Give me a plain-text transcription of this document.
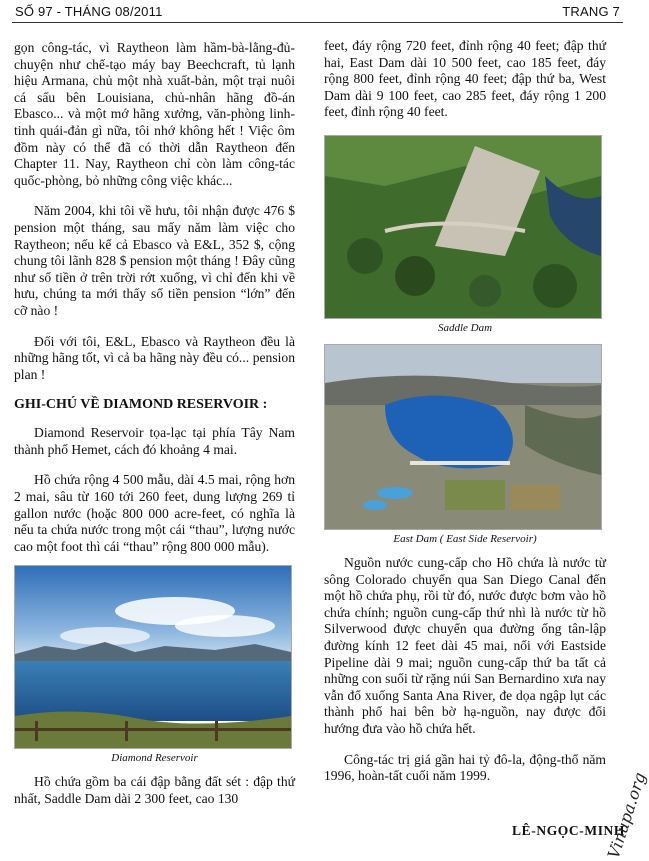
SỐ 97 - THÁNG 08/2011	TRANG 7

gọn công-tác, vì Raytheon làm hầm-bà-lằng-đủ-chuyện như chế-tạo máy bay Beechcraft, tủ lạnh hiệu Armana, chủ một nhà xuất-bản, một trại nuôi cá sấu bên Louisiana, chủ-nhân hãng đồ-án Ebasco... và một mớ hãng xưởng, văn-phòng linh-tinh quái-đản gì nữa, tôi nhớ không hết ! Việc ôm đồm này có thể đã có thời dẫn Raytheon đến Chapter 11. Nay, Raytheon chỉ còn làm công-tác quốc-phòng, bỏ những công việc khác...

Năm 2004, khi tôi về hưu, tôi nhận được 476 $ pension một tháng, sau mấy năm làm việc cho Raytheon; nếu kể cả Ebasco và E&L, 352 $, cộng chung tôi lãnh 828 $ pension một tháng ! Đây cũng như số tiền ở trên trời rớt xuống, vì chỉ đến khi về hưu, chúng ta mới thấy số tiền pension “lớn” đến cỡ nào !

Đối với tôi, E&L, Ebasco và Raytheon đều là những hãng tốt, vì cả ba hãng này đều có... pension plan !

GHI-CHÚ VỀ DIAMOND RESERVOIR :

Diamond Reservoir tọa-lạc tại phía Tây Nam thành phố Hemet, cách đó khoảng 4 mai.

Hồ chứa rộng 4 500 mẫu, dài 4.5 mai, rộng hơn 2 mai, sâu từ 160 tới 260 feet, dung lượng 269 tỉ gallon nước (hoặc 800 000 acre-feet, có nghĩa là nếu ta chứa nước trong một cái “thau”, lượng nước cao một foot thì cái “thau” rộng 800 000 mẫu).

Diamond Reservoir

Hồ chứa gồm ba cái đập bằng đất sét : đập thứ nhất, Saddle Dam dài 2 300 feet, cao 130

feet, đáy rộng 720 feet, đỉnh rộng 40 feet; đập thứ hai, East Dam dài 10 500 feet, cao 185 feet, đáy rộng 800 feet, đỉnh rộng 40 feet; đập thứ ba, West Dam dài 9 100 feet, cao 285 feet, đáy rộng 1 200 feet, đỉnh rộng 40 feet.

Saddle Dam
East Dam ( East Side Reservoir)

Nguồn nước cung-cấp cho Hồ chứa là nước từ sông Colorado chuyển qua San Diego Canal đến một hồ chứa phụ, rồi từ đó, nước được bơm vào hồ chứa chính; nguồn cung-cấp thứ nhì là nước từ hồ Silverwood được chuyển qua đường ống tân-lập đường kính 12 feet dài 45 mai, nối với Eastside Pipeline dài 9 mai; nguồn cung-cấp thứ ba tất cả những con suối từ rặng núi San Bernardino xưa nay vẫn đổ xuống Santa Ana River, đe dọa ngập lụt các thành phố hai bên bờ hạ-nguồn, nay được đổi hướng đưa vào hồ chứa hết.

Công-tác trị giá gần hai tỷ đô-la, động-thổ năm 1996, hoàn-tất cuối năm 1999.

LÊ-NGỌC-MINH
Vinupa.org
